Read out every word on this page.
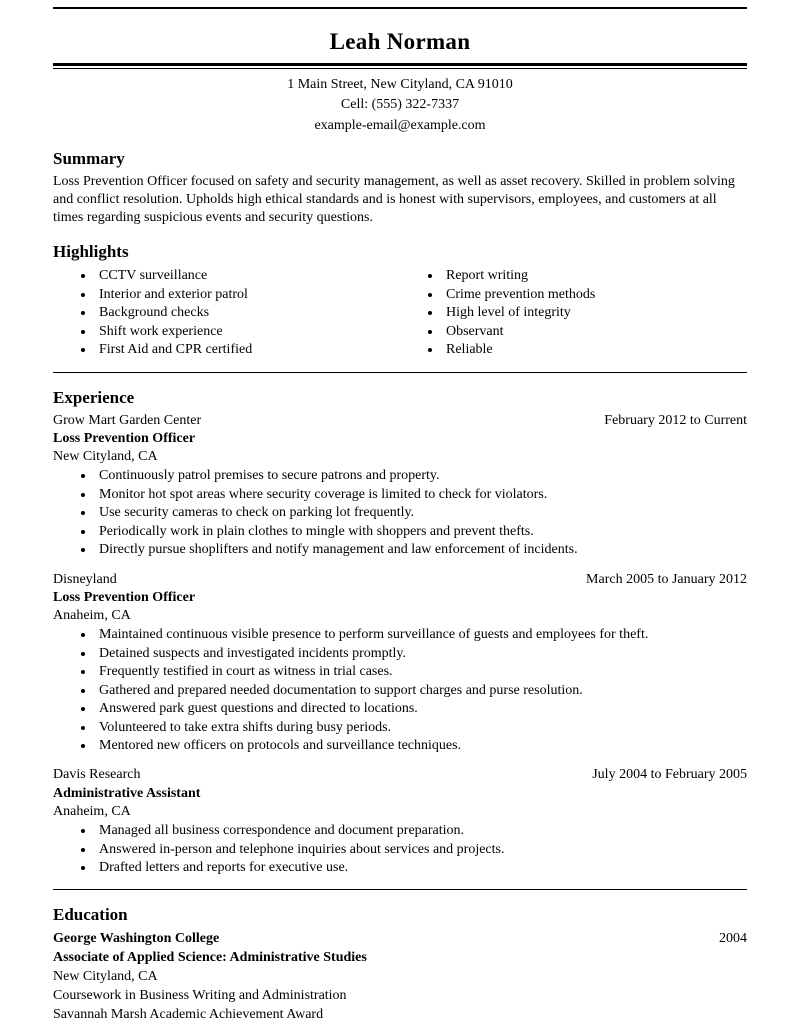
Leah Norman
1 Main Street, New Cityland, CA 91010
Cell: (555) 322-7337
example-email@example.com
Summary

Loss Prevention Officer focused on safety and security management, as well as asset recovery. Skilled in problem solving and conflict resolution. Upholds high ethical standards and is honest with supervisors, employees, and customers at all times regarding suspicious events and security questions.

Highlights
• CCTV surveillance
• Interior and exterior patrol
• Background checks
• Shift work experience
• First Aid and CPR certified
• Report writing
• Crime prevention methods
• High level of integrity
• Observant
• Reliable
Experience
Grow Mart Garden Center	February 2012 to Current
Loss Prevention Officer
New Cityland, CA
• Continuously patrol premises to secure patrons and property.
• Monitor hot spot areas where security coverage is limited to check for violators.
• Use security cameras to check on parking lot frequently.
• Periodically work in plain clothes to mingle with shoppers and prevent thefts.
• Directly pursue shoplifters and notify management and law enforcement of incidents.
Disneyland	March 2005 to January 2012
Loss Prevention Officer
Anaheim, CA
• Maintained continuous visible presence to perform surveillance of guests and employees for theft.
• Detained suspects and investigated incidents promptly.
• Frequently testified in court as witness in trial cases.
• Gathered and prepared needed documentation to support charges and purse resolution.
• Answered park guest questions and directed to locations.
• Volunteered to take extra shifts during busy periods.
• Mentored new officers on protocols and surveillance techniques.
Davis Research	July 2004 to February 2005
Administrative Assistant
Anaheim, CA
• Managed all business correspondence and document preparation.
• Answered in-person and telephone inquiries about services and projects.
• Drafted letters and reports for executive use.
Education
George Washington College	2004
Associate of Applied Science: Administrative Studies
New Cityland, CA
Coursework in Business Writing and Administration
Savannah Marsh Academic Achievement Award
